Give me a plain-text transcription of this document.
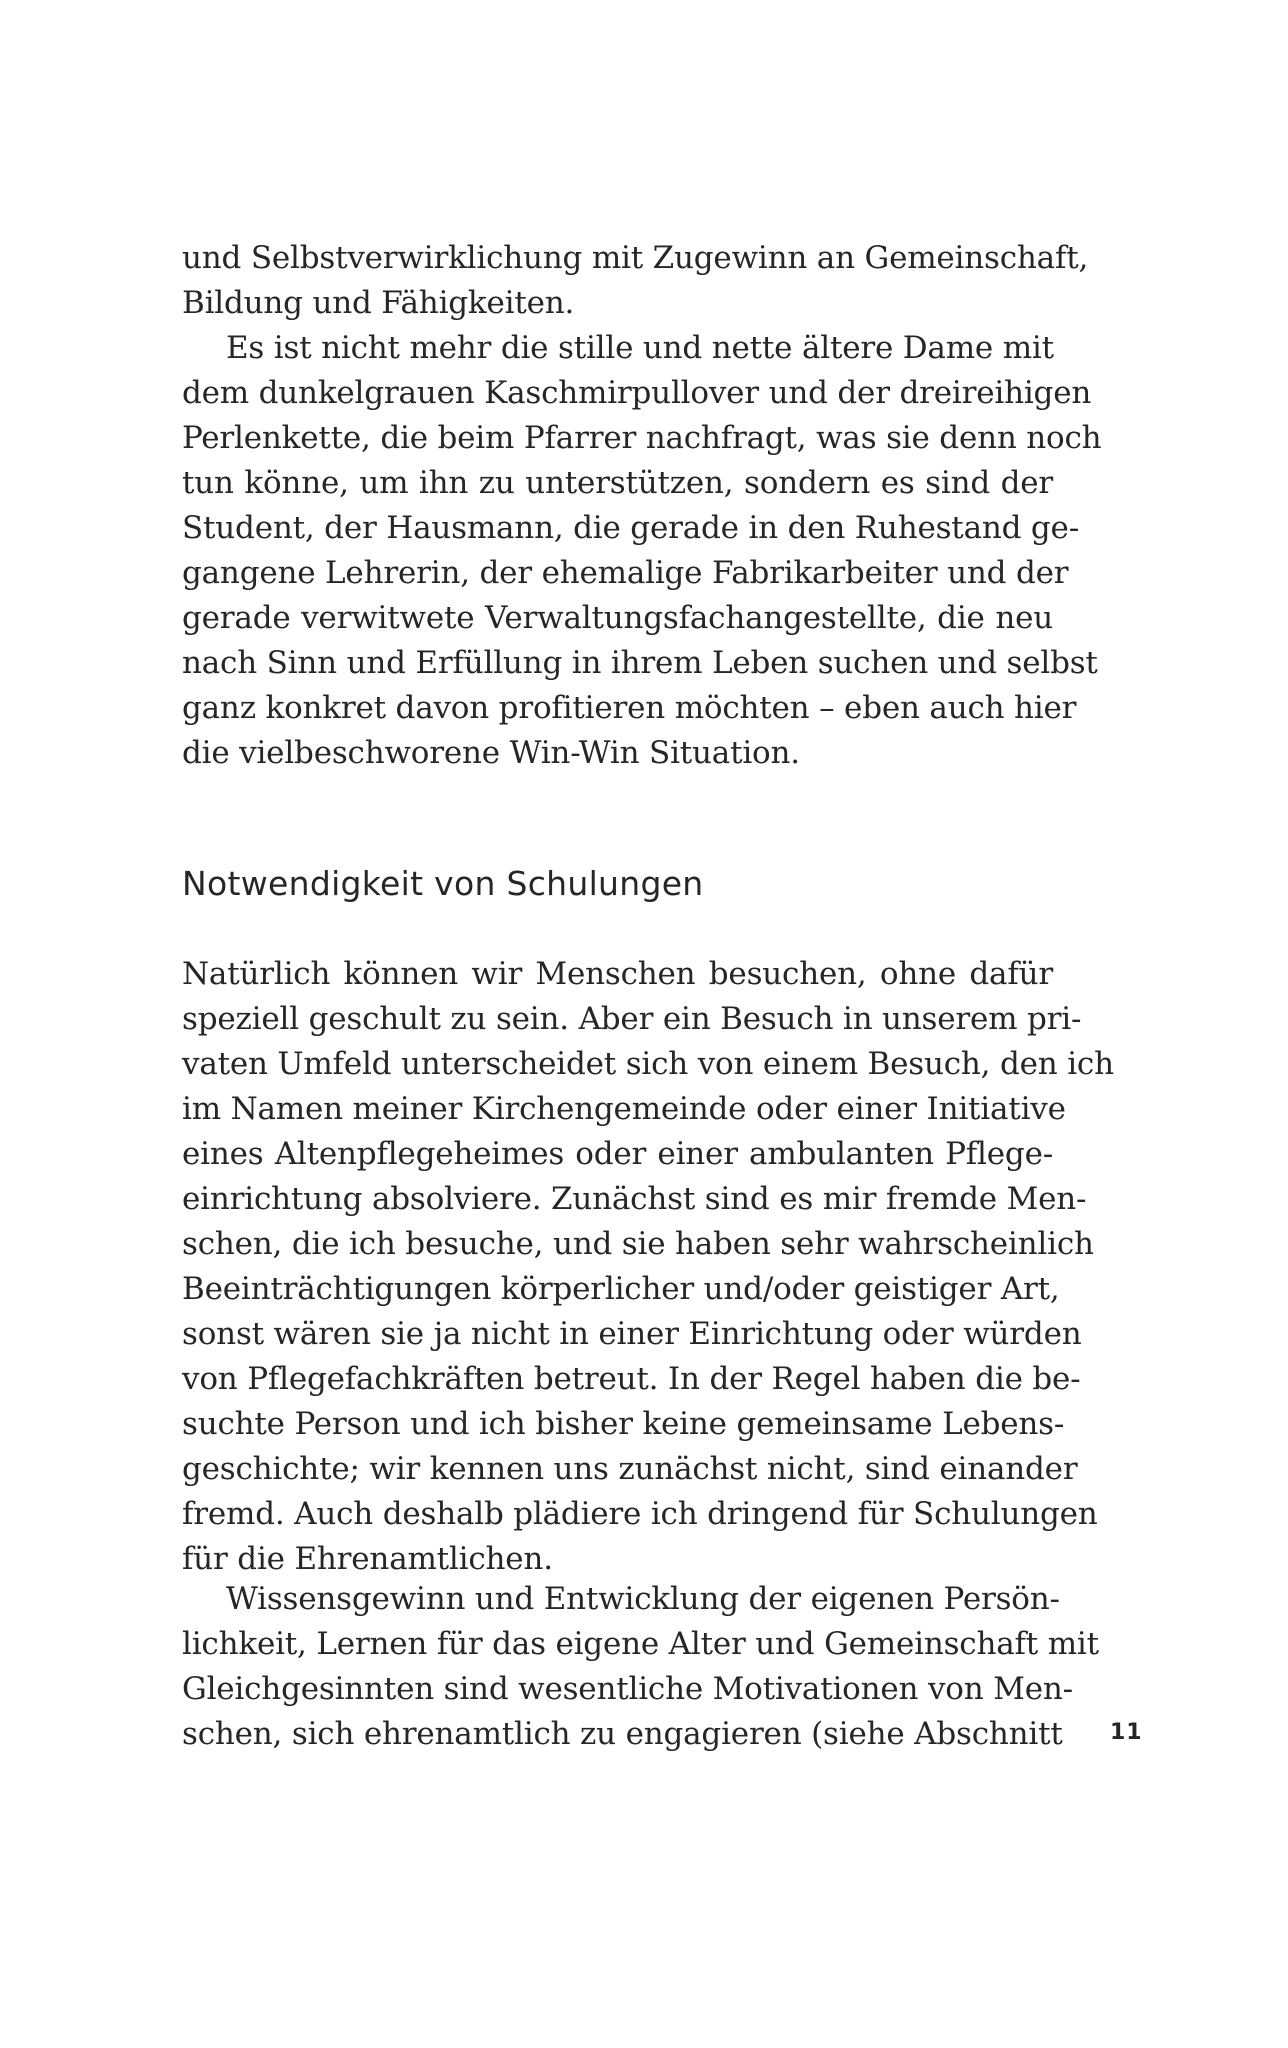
und Selbstverwirklichung mit Zugewinn an Gemeinschaft,
Bildung und Fähigkeiten.
Es ist nicht mehr die stille und nette ältere Dame mit
dem dunkelgrauen Kaschmirpullover und der dreireihigen
Perlenkette, die beim Pfarrer nachfragt, was sie denn noch
tun könne, um ihn zu unterstützen, sondern es sind der
Student, der Hausmann, die gerade in den Ruhestand ge-
gangene Lehrerin, der ehemalige Fabrikarbeiter und der
gerade verwitwete Verwaltungsfachangestellte, die neu
nach Sinn und Erfüllung in ihrem Leben suchen und selbst
ganz konkret davon profitieren möchten – eben auch hier
die vielbeschworene Win-Win Situation.
Notwendigkeit von Schulungen
Natürlich können wir Menschen besuchen, ohne dafür
speziell geschult zu sein. Aber ein Besuch in unserem pri-
vaten Umfeld unterscheidet sich von einem Besuch, den ich
im Namen meiner Kirchengemeinde oder einer Initiative
eines Altenpflegeheimes oder einer ambulanten Pflege-
einrichtung absolviere. Zunächst sind es mir fremde Men-
schen, die ich besuche, und sie haben sehr wahrscheinlich
Beeinträchtigungen körperlicher und/oder geistiger Art,
sonst wären sie ja nicht in einer Einrichtung oder würden
von Pflegefachkräften betreut. In der Regel haben die be-
suchte Person und ich bisher keine gemeinsame Lebens-
geschichte; wir kennen uns zunächst nicht, sind einander
fremd. Auch deshalb plädiere ich dringend für Schulungen
für die Ehrenamtlichen.
Wissensgewinn und Entwicklung der eigenen Persön-
lichkeit, Lernen für das eigene Alter und Gemeinschaft mit
Gleichgesinnten sind wesentliche Motivationen von Men-
schen, sich ehrenamtlich zu engagieren (siehe Abschnitt 11
